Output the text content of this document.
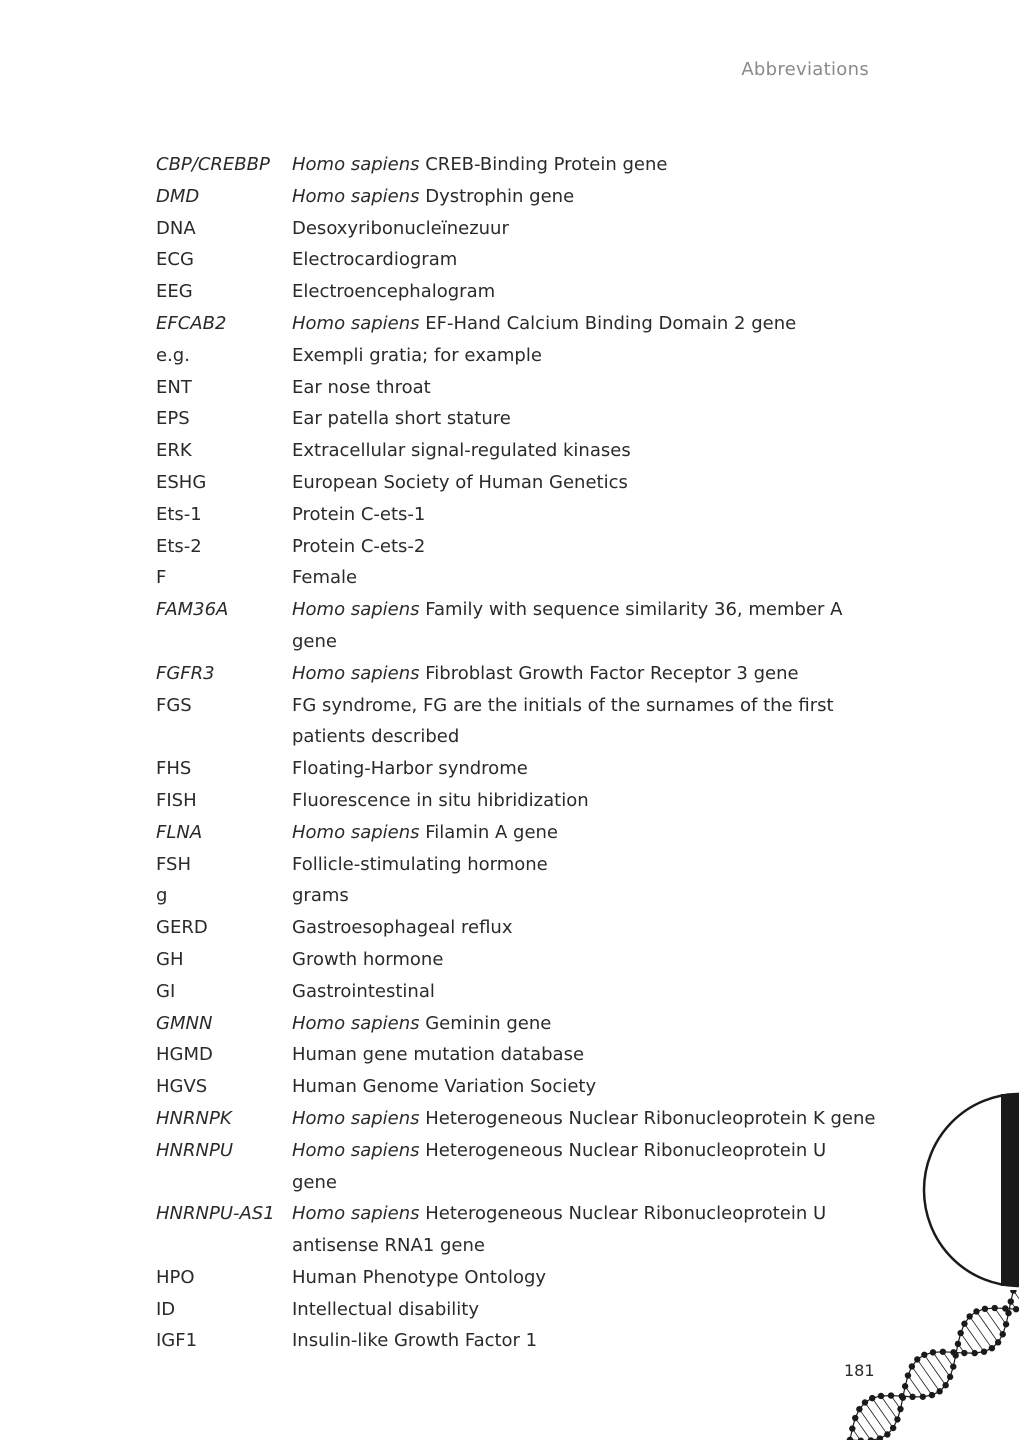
Abbreviations
CBP/CREBBP	Homo sapiens CREB-Binding Protein gene
DMD	Homo sapiens Dystrophin gene
DNA	Desoxyribonucleïnezuur
ECG	Electrocardiogram
EEG	Electroencephalogram
EFCAB2	Homo sapiens EF-Hand Calcium Binding Domain 2 gene
e.g.	Exempli gratia; for example
ENT	Ear nose throat
EPS	Ear patella short stature
ERK	Extracellular signal-regulated kinases
ESHG	European Society of Human Genetics
Ets-1	Protein C-ets-1
Ets-2	Protein C-ets-2
F	Female
FAM36A	Homo sapiens Family with sequence similarity 36, member A gene
FGFR3	Homo sapiens Fibroblast Growth Factor Receptor 3 gene
FGS	FG syndrome, FG are the initials of the surnames of the first patients described
FHS	Floating-Harbor syndrome
FISH	Fluorescence in situ hibridization
FLNA	Homo sapiens Filamin A gene
FSH	Follicle-stimulating hormone
g	grams
GERD	Gastroesophageal reflux
GH	Growth hormone
GI	Gastrointestinal
GMNN	Homo sapiens Geminin gene
HGMD	Human gene mutation database
HGVS	Human Genome Variation Society
HNRNPK	Homo sapiens Heterogeneous Nuclear Ribonucleoprotein K gene
HNRNPU	Homo sapiens Heterogeneous Nuclear Ribonucleoprotein U gene
HNRNPU-AS1 Homo sapiens Heterogeneous Nuclear Ribonucleoprotein U antisense RNA1 gene
HPO	Human Phenotype Ontology
ID	Intellectual disability
IGF1	Insulin-like Growth Factor 1
181
